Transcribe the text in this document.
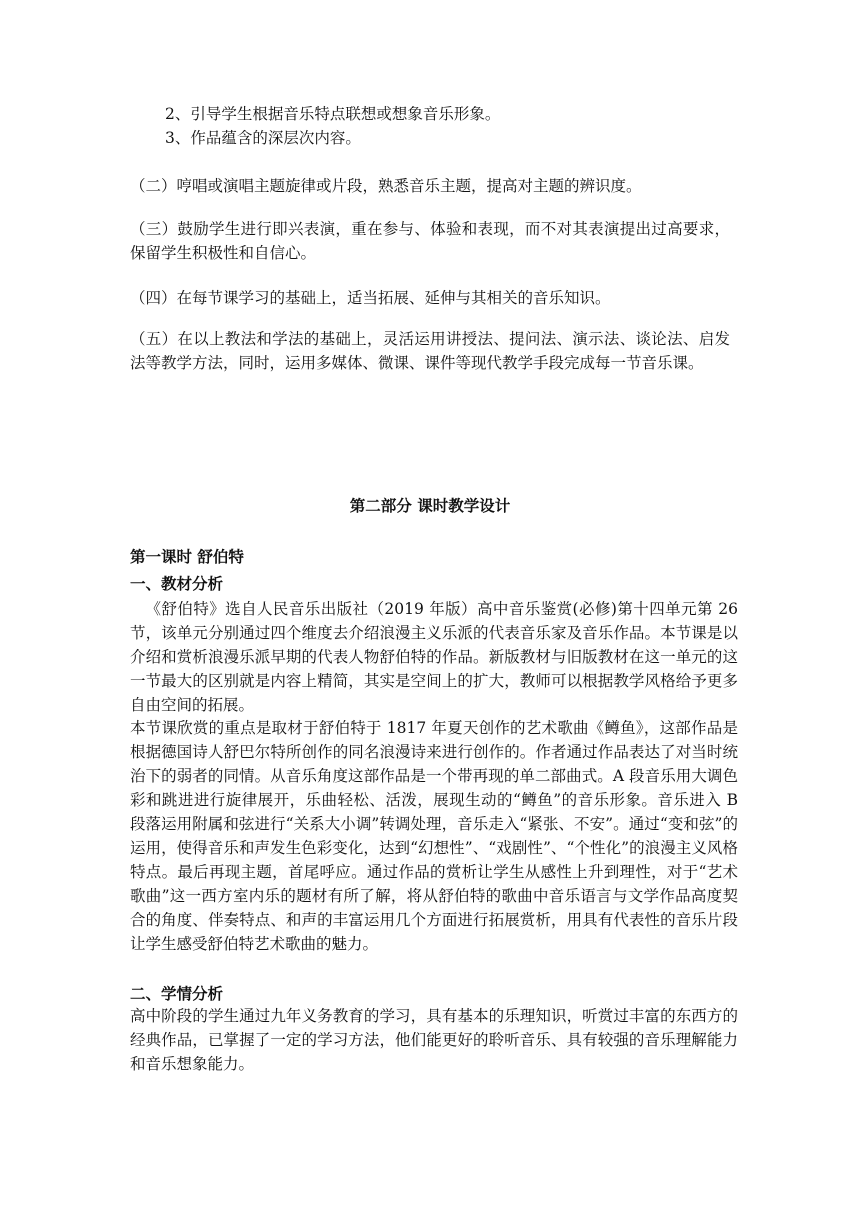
2、引导学生根据音乐特点联想或想象音乐形象。
3、作品蕴含的深层次内容。
（二）哼唱或演唱主题旋律或片段，熟悉音乐主题，提高对主题的辨识度。
（三）鼓励学生进行即兴表演，重在参与、体验和表现，而不对其表演提出过高要求，保留学生积极性和自信心。
（四）在每节课学习的基础上，适当拓展、延伸与其相关的音乐知识。
（五）在以上教法和学法的基础上，灵活运用讲授法、提问法、演示法、谈论法、启发法等教学方法，同时，运用多媒体、微课、课件等现代教学手段完成每一节音乐课。
第二部分 课时教学设计
第一课时 舒伯特
一、教材分析
《舒伯特》选自人民音乐出版社（2019 年版）高中音乐鉴赏(必修)第十四单元第 26 节，该单元分别通过四个维度去介绍浪漫主义乐派的代表音乐家及音乐作品。本节课是以介绍和赏析浪漫乐派早期的代表人物舒伯特的作品。新版教材与旧版教材在这一单元的这一节最大的区别就是内容上精简，其实是空间上的扩大，教师可以根据教学风格给予更多自由空间的拓展。
本节课欣赏的重点是取材于舒伯特于 1817 年夏天创作的艺术歌曲《鳟鱼》，这部作品是根据德国诗人舒巴尔特所创作的同名浪漫诗来进行创作的。作者通过作品表达了对当时统治下的弱者的同情。从音乐角度这部作品是一个带再现的单二部曲式。A 段音乐用大调色彩和跳进进行旋律展开，乐曲轻松、活泼，展现生动的“鳟鱼”的音乐形象。音乐进入 B 段落运用附属和弦进行“关系大小调”转调处理，音乐走入“紧张、不安”。通过“变和弦”的运用，使得音乐和声发生色彩变化，达到“幻想性”、“戏剧性”、“个性化”的浪漫主义风格特点。最后再现主题，首尾呼应。通过作品的赏析让学生从感性上升到理性，对于“艺术歌曲”这一西方室内乐的题材有所了解，将从舒伯特的歌曲中音乐语言与文学作品高度契合的角度、伴奏特点、和声的丰富运用几个方面进行拓展赏析，用具有代表性的音乐片段让学生感受舒伯特艺术歌曲的魅力。
二、学情分析
高中阶段的学生通过九年义务教育的学习，具有基本的乐理知识，听赏过丰富的东西方的经典作品，已掌握了一定的学习方法，他们能更好的聆听音乐、具有较强的音乐理解能力和音乐想象能力。
